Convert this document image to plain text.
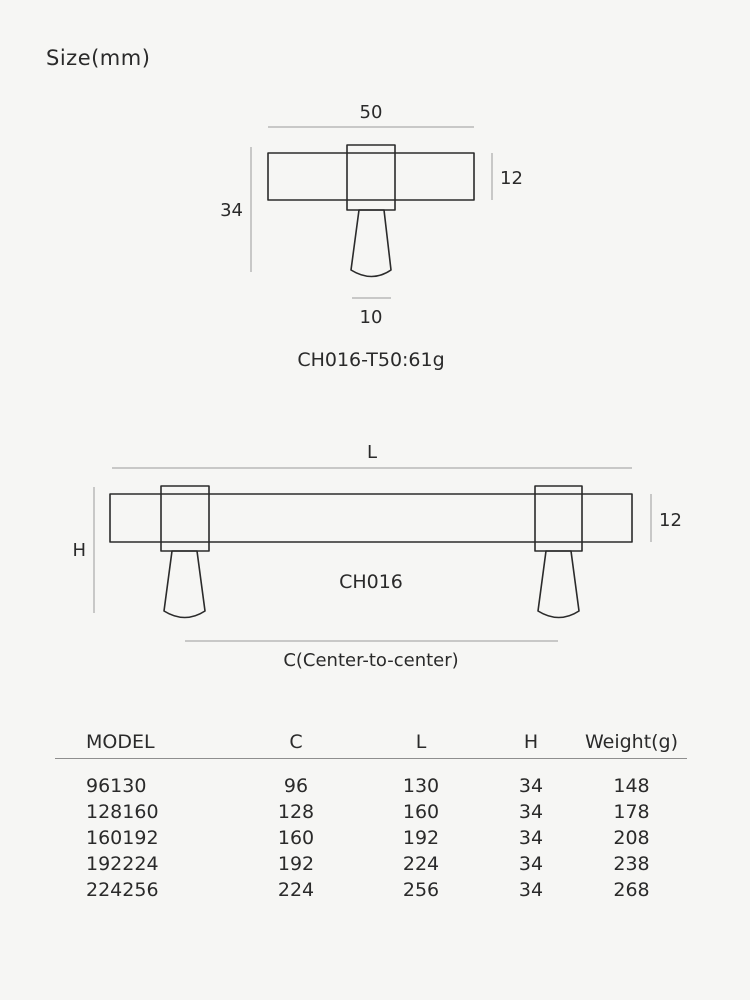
Size(mm)
50
34
12
10
CH016-T50:61g
L
H
12
CH016
C(Center-to-center)
MODEL	C	L	H	Weight(g)
96130	96	130	34	148
128160	128	160	34	178
160192	160	192	34	208
192224	192	224	34	238
224256	224	256	34	268
